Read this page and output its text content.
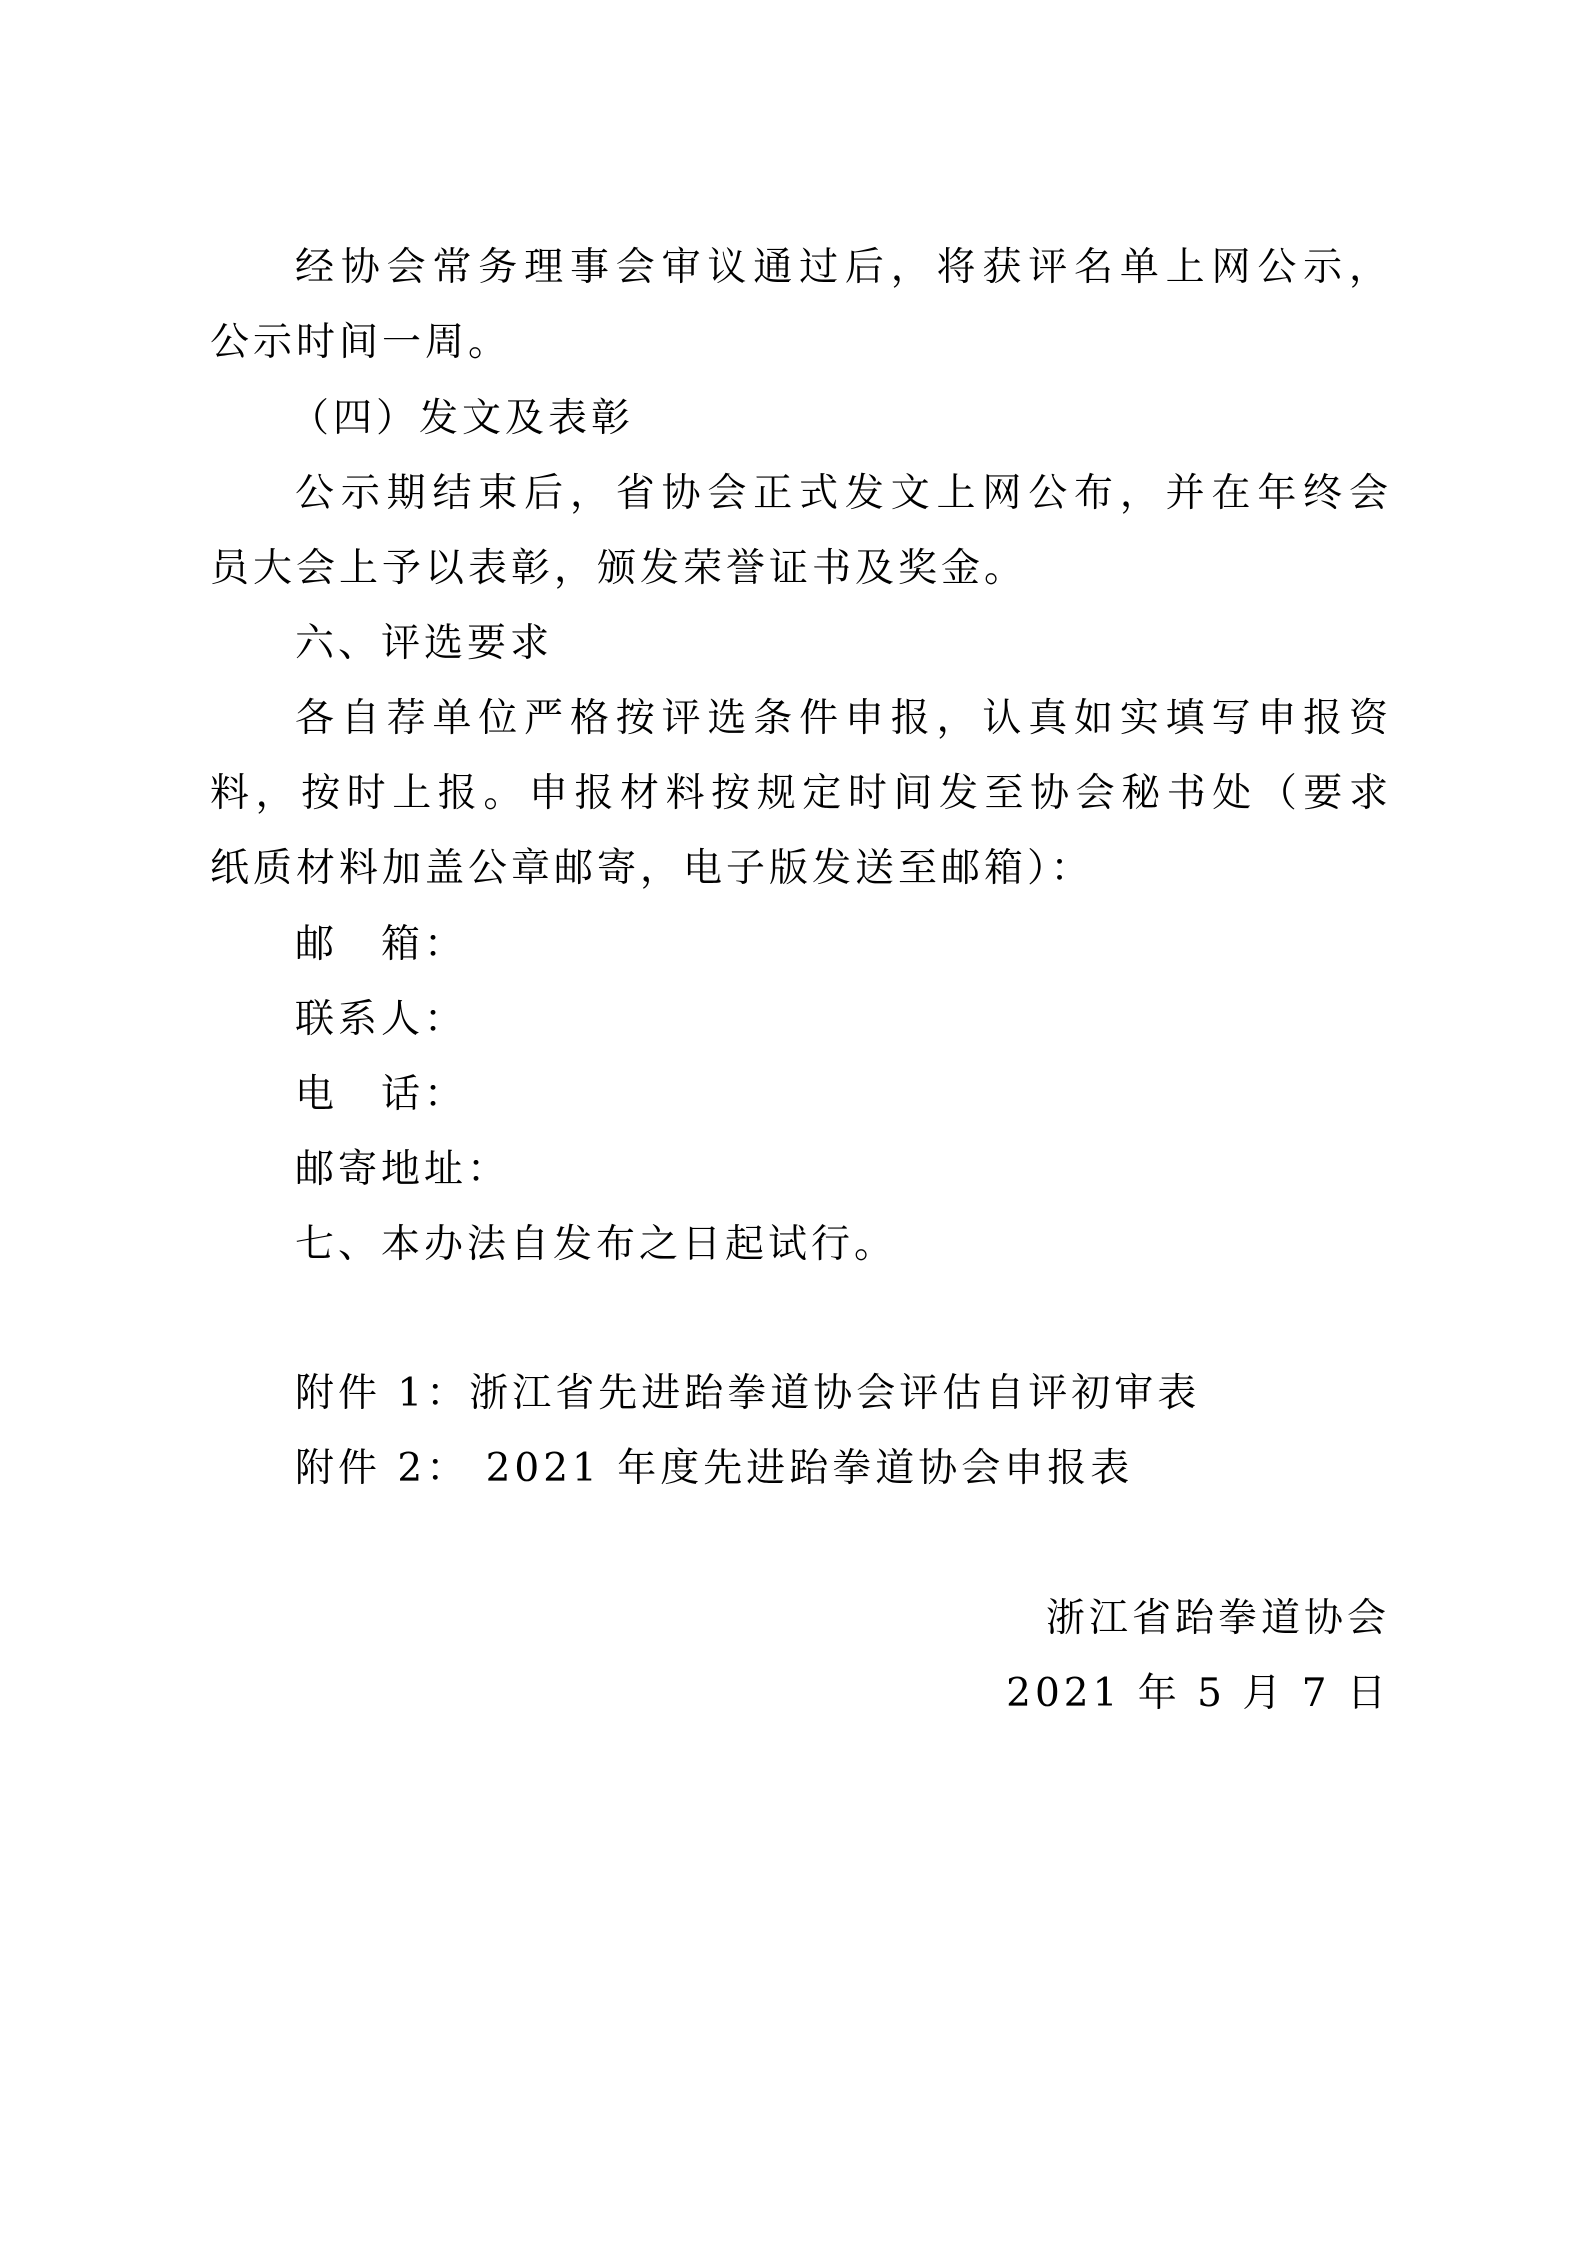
经协会常务理事会审议通过后，将获评名单上网公示，
公示时间一周。
（四）发文及表彰
公示期结束后，省协会正式发文上网公布，并在年终会
员大会上予以表彰，颁发荣誉证书及奖金。
六、评选要求
各自荐单位严格按评选条件申报，认真如实填写申报资
料，按时上报。申报材料按规定时间发至协会秘书处（要求
纸质材料加盖公章邮寄，电子版发送至邮箱）：
邮　箱：
联系人：
电　话：
邮寄地址：
七、本办法自发布之日起试行。
附件 1：浙江省先进跆拳道协会评估自评初审表
附件 2： 2021 年度先进跆拳道协会申报表
浙江省跆拳道协会
2021 年 5 月 7 日
